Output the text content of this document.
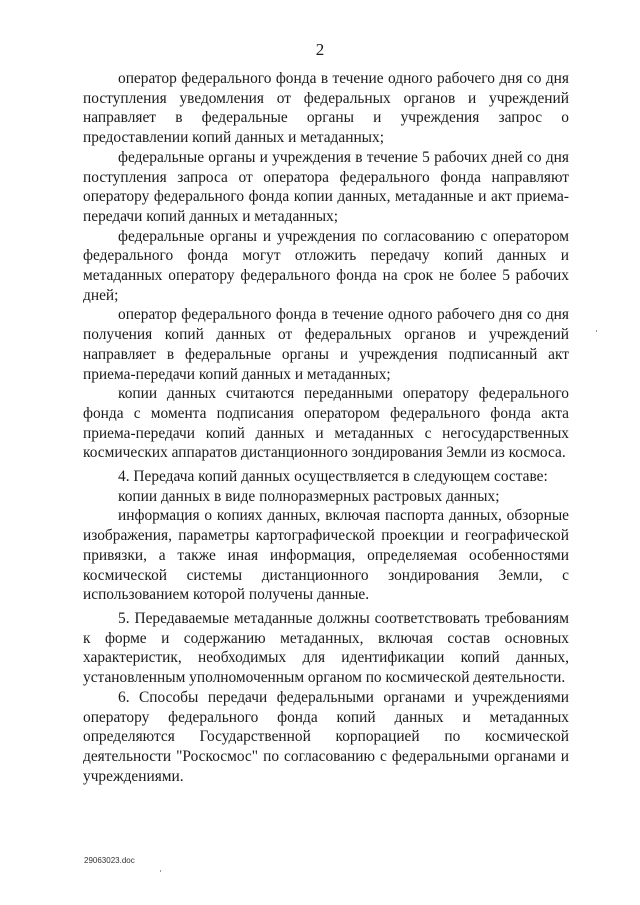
2

оператор федерального фонда в течение одного рабочего дня со дня поступления уведомления от федеральных органов и учреждений направляет в федеральные органы и учреждения запрос о предоставлении копий данных и метаданных;

федеральные органы и учреждения в течение 5 рабочих дней со дня поступления запроса от оператора федерального фонда направляют оператору федерального фонда копии данных, метаданные и акт приема-передачи копий данных и метаданных;

федеральные органы и учреждения по согласованию с оператором федерального фонда могут отложить передачу копий данных и метаданных оператору федерального фонда на срок не более 5 рабочих дней;

оператор федерального фонда в течение одного рабочего дня со дня получения копий данных от федеральных органов и учреждений направляет в федеральные органы и учреждения подписанный акт приема-передачи копий данных и метаданных;

копии данных считаются переданными оператору федерального фонда с момента подписания оператором федерального фонда акта приема-передачи копий данных и метаданных с негосударственных космических аппаратов дистанционного зондирования Земли из космоса.

4. Передача копий данных осуществляется в следующем составе:

копии данных в виде полноразмерных растровых данных;

информация о копиях данных, включая паспорта данных, обзорные изображения, параметры картографической проекции и географической привязки, а также иная информация, определяемая особенностями космической системы дистанционного зондирования Земли, с использованием которой получены данные.

5. Передаваемые метаданные должны соответствовать требованиям к форме и содержанию метаданных, включая состав основных характеристик, необходимых для идентификации копий данных, установленным уполномоченным органом по космической деятельности.

6. Способы передачи федеральными органами и учреждениями оператору федерального фонда копий данных и метаданных определяются Государственной корпорацией по космической деятельности "Роскосмос" по согласованию с федеральными органами и учреждениями.

29063023.doc
